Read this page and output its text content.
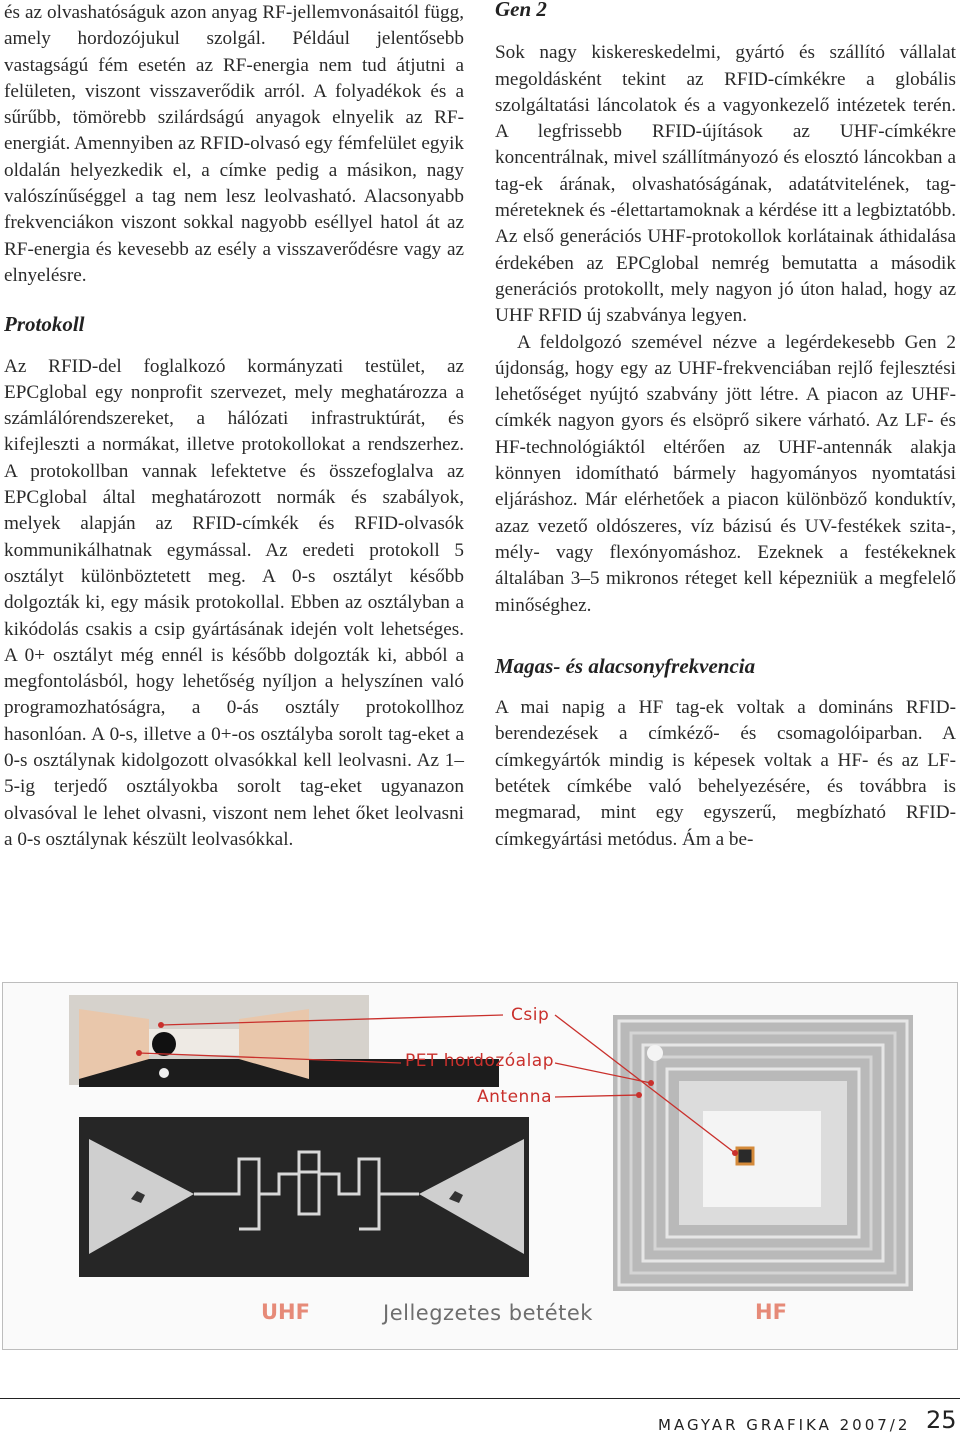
és az olvashatóságuk azon anyag RF-jellemvonásaitól függ, amely hordozójukul szolgál. Például jelentősebb vastagságú fém esetén az RF-energia nem tud átjutni a felületen, viszont visszaverődik arról. A folyadékok és a sűrűbb, tömörebb szilárdságú anyagok elnyelik az RF-energiát. Amennyiben az RFID-olvasó egy fémfelület egyik oldalán helyezkedik el, a címke pedig a másikon, nagy valószínűséggel a tag nem lesz leolvasható. Alacsonyabb frekvenciákon viszont sokkal nagyobb eséllyel hatol át az RF-energia és kevesebb az esély a visszaverődésre vagy az elnyelésre.

Protokoll

Az RFID-del foglalkozó kormányzati testület, az EPCglobal egy nonprofit szervezet, mely meghatározza a számlálórendszereket, a hálózati infrastruktúrát, és kifejleszti a normákat, illetve protokollokat a rendszerhez. A protokollban vannak lefektetve és összefoglalva az EPCglobal által meghatározott normák és szabályok, melyek alapján az RFID-címkék és RFID-olvasók kommunikálhatnak egymással. Az eredeti protokoll 5 osztályt különböztetett meg. A 0-s osztályt később dolgozták ki, egy másik protokollal. Ebben az osztályban a kikódolás csakis a csip gyártásának idején volt lehetséges. A 0+ osztályt még ennél is később dolgozták ki, abból a megfontolásból, hogy lehetőség nyíljon a helyszínen való programozhatóságra, a 0-ás osztály protokollhoz hasonlóan. A 0-s, illetve a 0+-os osztályba sorolt tag-eket a 0-s osztálynak kidolgozott olvasókkal kell leolvasni. Az 1–5-ig terjedő osztályokba sorolt tag-eket ugyanazon olvasóval le lehet olvasni, viszont nem lehet őket leolvasni a 0-s osztálynak készült leolvasókkal.

Gen 2

Sok nagy kiskereskedelmi, gyártó és szállító vállalat megoldásként tekint az RFID-címkékre a globális szolgáltatási láncolatok és a vagyonkezelő intézetek terén. A legfrissebb RFID-újítások az UHF-címkékre koncentrálnak, mivel szállítmányozó és elosztó láncokban a tag-ek árának, olvashatóságának, adatátvitelének, tag-méreteknek és -élettartamoknak a kérdése itt a legbiztatóbb. Az első generációs UHF-protokollok korlátainak áthidalása érdekében az EPCglobal nemrég bemutatta a második generációs protokollt, mely nagyon jó úton halad, hogy az UHF RFID új szabványa legyen.

A feldolgozó szemével nézve a legérdekesebb Gen 2 újdonság, hogy egy az UHF-frekvenciában rejlő fejlesztési lehetőséget nyújtó szabvány jött létre. A piacon az UHF-címkék nagyon gyors és elsöprő sikere várható. Az LF- és HF-technológiáktól eltérően az UHF-antennák alakja könnyen idomítható bármely hagyományos nyomtatási eljáráshoz. Már elérhetőek a piacon különböző konduktív, azaz vezető oldószeres, víz bázisú és UV-festékek szita-, mély- vagy flexónyomáshoz. Ezeknek a festékeknek általában 3–5 mikronos réteget kell képezniük a megfelelő minőséghez.

Magas- és alacsonyfrekvencia

A mai napig a HF tag-ek voltak a domináns RFID-berendezések a címkéző- és csomagolóiparban. A címkegyártók mindig is képesek voltak a HF- és az LF-betétek címkébe való behelyezésére, és továbbra is megmarad, mint egy egyszerű, megbízható RFID-címkegyártási metódus. Ám a be-

Csip
PET hordozóalap
Antenna
UHF	Jellegzetes betétek	HF
MAGYAR GRAFIKA 2007/2 25
